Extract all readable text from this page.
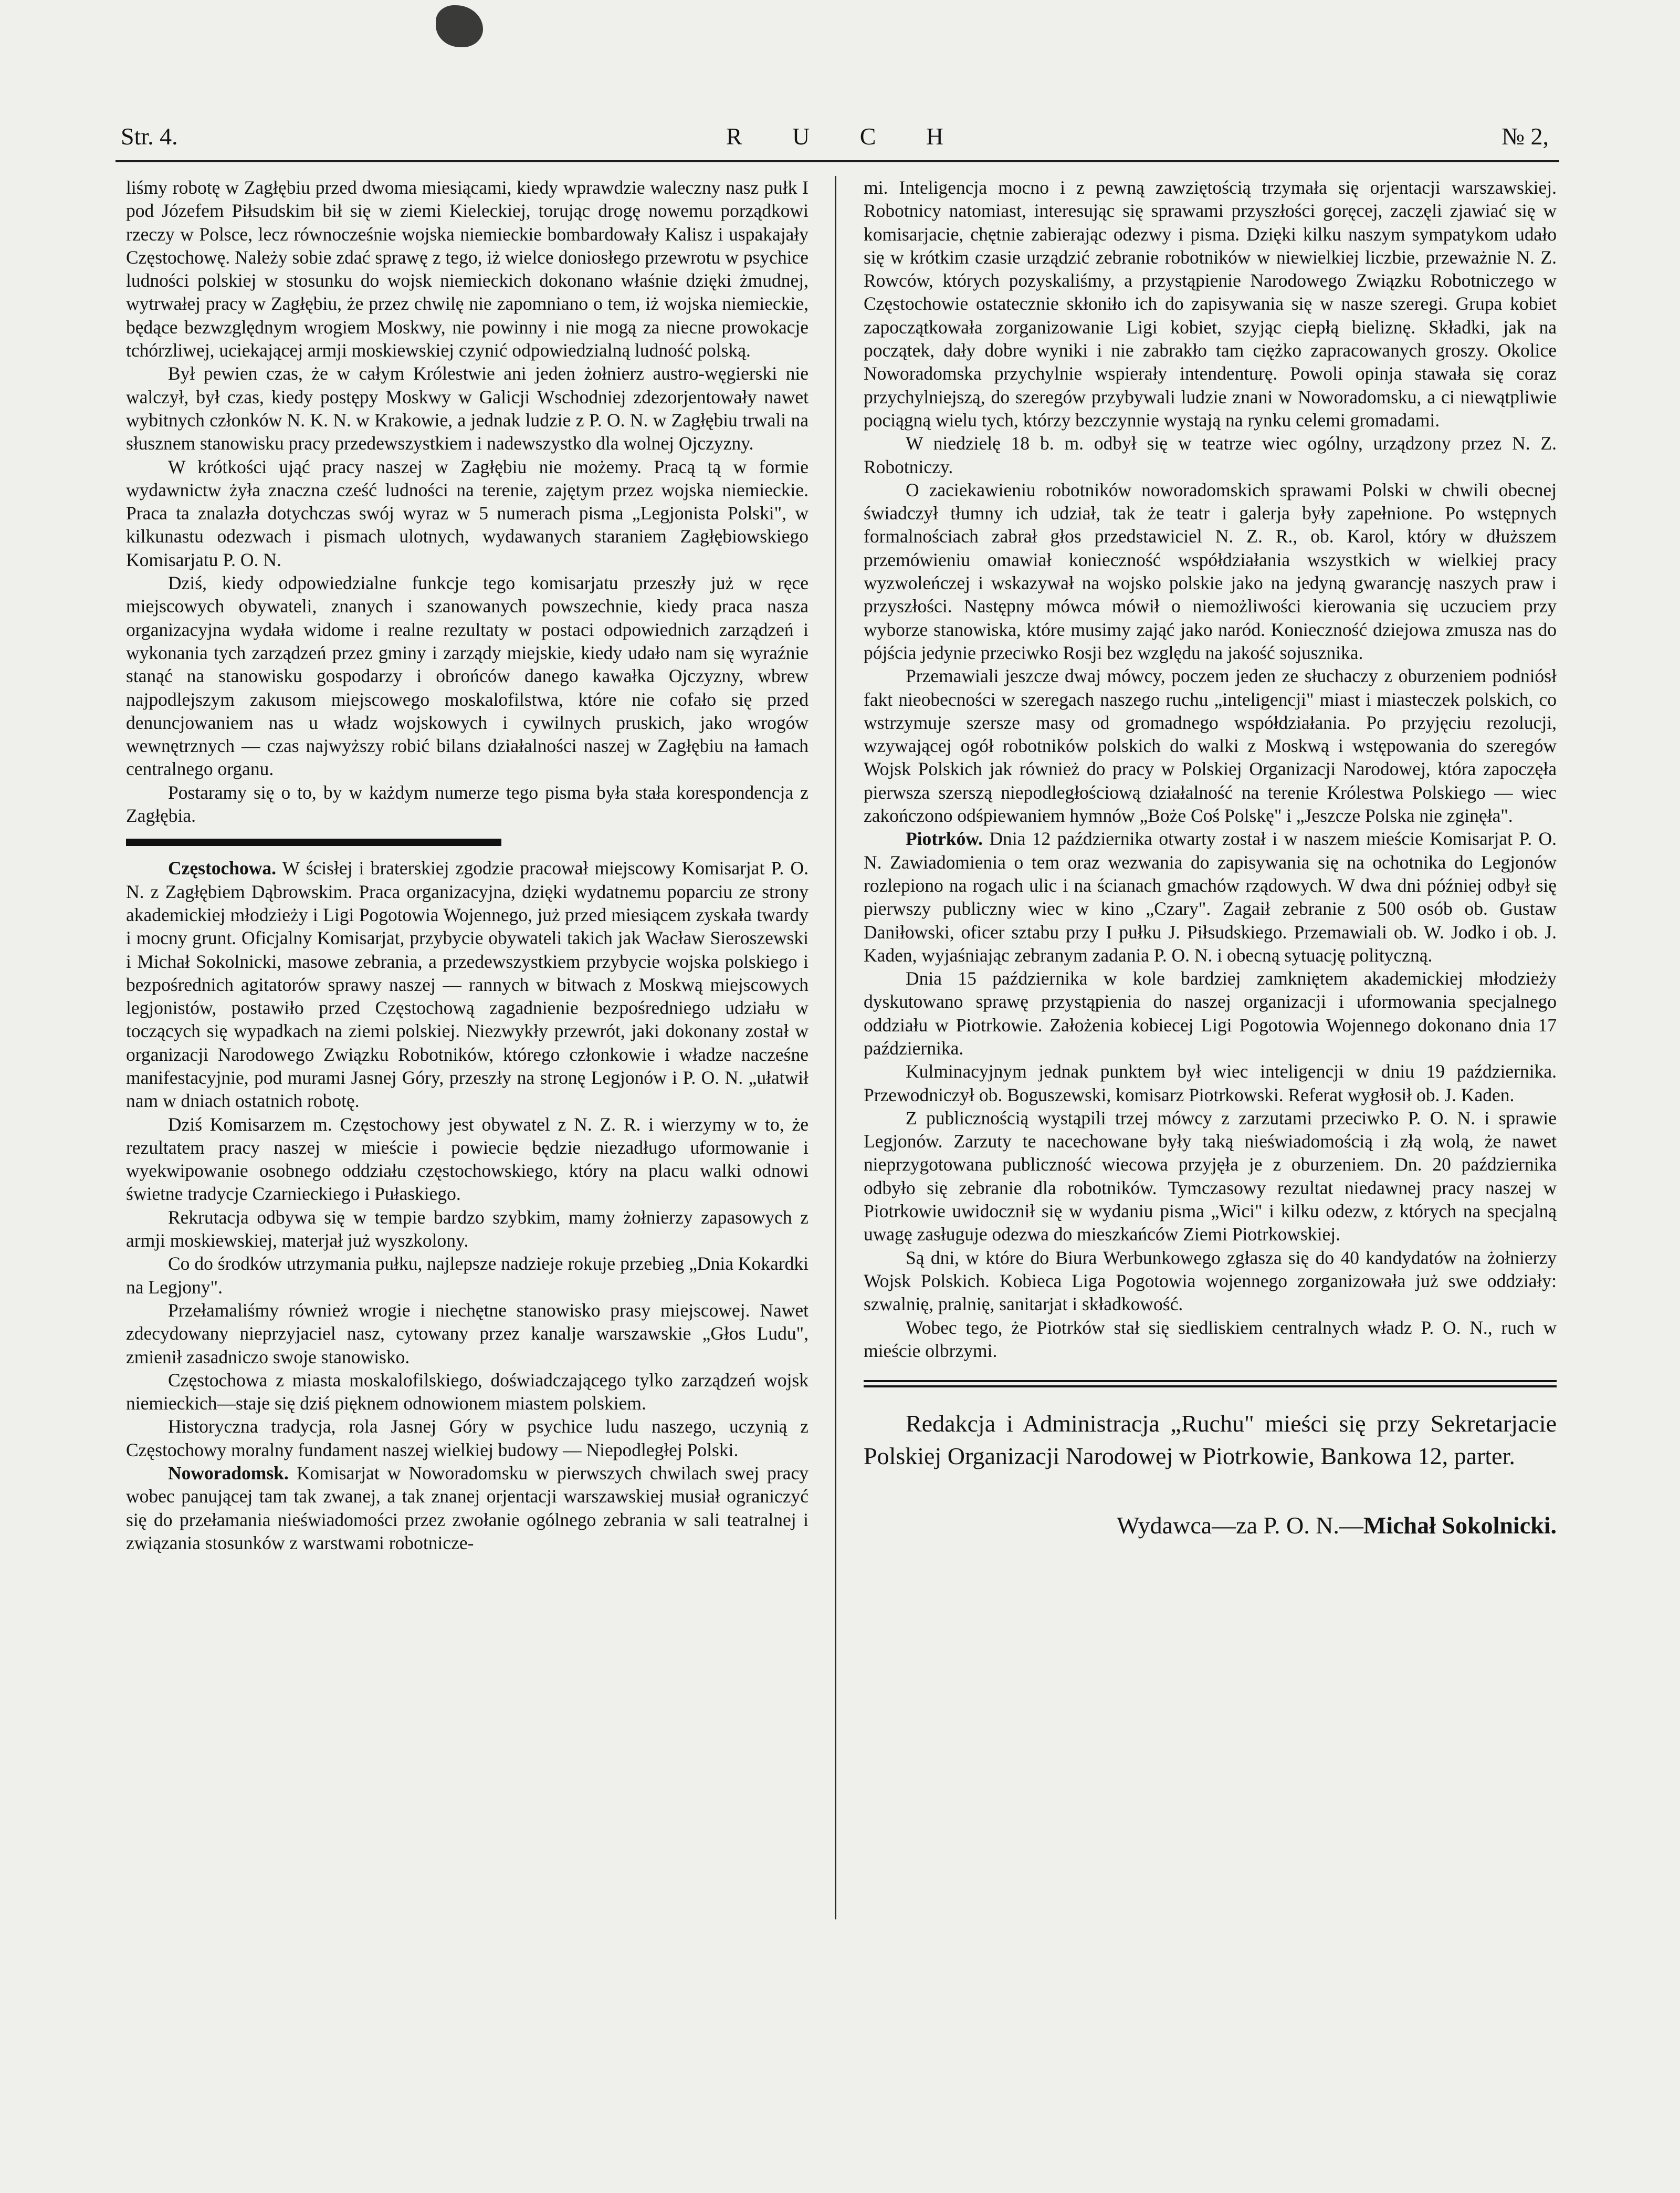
Str. 4.	R U C H	№ 2,

liśmy robotę w Zagłębiu przed dwoma miesiącami, kiedy wprawdzie waleczny nasz pułk I pod Józefem Piłsudskim bił się w ziemi Kieleckiej, torując drogę nowemu porządkowi rzeczy w Polsce, lecz równocześnie wojska niemieckie bombardowały Kalisz i uspakajały Częstochowę. Należy sobie zdać sprawę z tego, iż wielce doniosłego przewrotu w psychice ludności polskiej w stosunku do wojsk niemieckich dokonano właśnie dzięki żmudnej, wytrwałej pracy w Zagłębiu, że przez chwilę nie zapomniano o tem, iż wojska niemieckie, będące bezwzględnym wrogiem Moskwy, nie powinny i nie mogą za niecne prowokacje tchórzliwej, uciekającej armji moskiewskiej czynić odpowiedzialną ludność polską.

Był pewien czas, że w całym Królestwie ani jeden żołnierz austro-węgierski nie walczył, był czas, kiedy postępy Moskwy w Galicji Wschodniej zdezorjentowały nawet wybitnych członków N. K. N. w Krakowie, a jednak ludzie z P. O. N. w Zagłębiu trwali na słusznem stanowisku pracy przedewszystkiem i nadewszystko dla wolnej Ojczyzny.

W krótkości ująć pracy naszej w Zagłębiu nie możemy. Pracą tą w formie wydawnictw żyła znaczna cześć ludności na terenie, zajętym przez wojska niemieckie. Praca ta znalazła dotychczas swój wyraz w 5 numerach pisma „Legjonista Polski", w kilkunastu odezwach i pismach ulotnych, wydawanych staraniem Zagłębiowskiego Komisarjatu P. O. N.

Dziś, kiedy odpowiedzialne funkcje tego komisarjatu przeszły już w ręce miejscowych obywateli, znanych i szanowanych powszechnie, kiedy praca nasza organizacyjna wydała widome i realne rezultaty w postaci odpowiednich zarządzeń i wykonania tych zarządzeń przez gminy i zarządy miejskie, kiedy udało nam się wyraźnie stanąć na stanowisku gospodarzy i obrońców danego kawałka Ojczyzny, wbrew najpodlejszym zakusom miejscowego moskalofilstwa, które nie cofało się przed denuncjowaniem nas u władz wojskowych i cywilnych pruskich, jako wrogów wewnętrznych — czas najwyższy robić bilans działalności naszej w Zagłębiu na łamach centralnego organu.

Postaramy się o to, by w każdym numerze tego pisma była stała korespondencja z Zagłębia.

Częstochowa. W ścisłej i braterskiej zgodzie pracował miejscowy Komisarjat P. O. N. z Zagłębiem Dąbrowskim. Praca organizacyjna, dzięki wydatnemu poparciu ze strony akademickiej młodzieży i Ligi Pogotowia Wojennego, już przed miesiącem zyskała twardy i mocny grunt. Oficjalny Komisarjat, przybycie obywateli takich jak Wacław Sieroszewski i Michał Sokolnicki, masowe zebrania, a przedewszystkiem przybycie wojska polskiego i bezpośrednich agitatorów sprawy naszej — rannych w bitwach z Moskwą miejscowych legjonistów, postawiło przed Częstochową zagadnienie bezpośredniego udziału w toczących się wypadkach na ziemi polskiej. Niezwykły przewrót, jaki dokonany został w organizacji Narodowego Związku Robotników, którego członkowie i władze nacześne manifestacyjnie, pod murami Jasnej Góry, przeszły na stronę Legjonów i P. O. N. „ułatwił nam w dniach ostatnich robotę.

Dziś Komisarzem m. Częstochowy jest obywatel z N. Z. R. i wierzymy w to, że rezultatem pracy naszej w mieście i powiecie będzie niezadługo uformowanie i wyekwipowanie osobnego oddziału częstochowskiego, który na placu walki odnowi świetne tradycje Czarnieckiego i Pułaskiego.

Rekrutacja odbywa się w tempie bardzo szybkim, mamy żołnierzy zapasowych z armji moskiewskiej, materjał już wyszkolony.

Co do środków utrzymania pułku, najlepsze nadzieje rokuje przebieg „Dnia Kokardki na Legjony".

Przełamaliśmy również wrogie i niechętne stanowisko prasy miejscowej. Nawet zdecydowany nieprzyjaciel nasz, cytowany przez kanalje warszawskie „Głos Ludu", zmienił zasadniczo swoje stanowisko.

Częstochowa z miasta moskalofilskiego, doświadczającego tylko zarządzeń wojsk niemieckich—staje się dziś pięknem odnowionem miastem polskiem.

Historyczna tradycja, rola Jasnej Góry w psychice ludu naszego, uczynią z Częstochowy moralny fundament naszej wielkiej budowy — Niepodległej Polski.

Noworadomsk. Komisarjat w Noworadomsku w pierwszych chwilach swej pracy wobec panującej tam tak zwanej, a tak znanej orjentacji warszawskiej musiał ograniczyć się do przełamania nieświadomości przez zwołanie ogólnego zebrania w sali teatralnej i związania stosunków z warstwami robotnicze-

mi. Inteligencja mocno i z pewną zawziętością trzymała się orjentacji warszawskiej. Robotnicy natomiast, interesując się sprawami przyszłości goręcej, zaczęli zjawiać się w komisarjacie, chętnie zabierając odezwy i pisma. Dzięki kilku naszym sympatykom udało się w krótkim czasie urządzić zebranie robotników w niewielkiej liczbie, przeważnie N. Z. Rowców, których pozyskaliśmy, a przystąpienie Narodowego Związku Robotniczego w Częstochowie ostatecznie skłoniło ich do zapisywania się w nasze szeregi. Grupa kobiet zapoczątkowała zorganizowanie Ligi kobiet, szyjąc ciepłą bieliznę. Składki, jak na początek, dały dobre wyniki i nie zabrakło tam ciężko zapracowanych groszy. Okolice Noworadomska przychylnie wspierały intendenturę. Powoli opinja stawała się coraz przychylniejszą, do szeregów przybywali ludzie znani w Noworadomsku, a ci niewątpliwie pociągną wielu tych, którzy bezczynnie wystają na rynku celemi gromadami.

W niedzielę 18 b. m. odbył się w teatrze wiec ogólny, urządzony przez N. Z. Robotniczy.

O zaciekawieniu robotników noworadomskich sprawami Polski w chwili obecnej świadczył tłumny ich udział, tak że teatr i galerja były zapełnione. Po wstępnych formalnościach zabrał głos przedstawiciel N. Z. R., ob. Karol, który w dłuższem przemówieniu omawiał konieczność współdziałania wszystkich w wielkiej pracy wyzwoleńczej i wskazywał na wojsko polskie jako na jedyną gwarancję naszych praw i przyszłości. Następny mówca mówił o niemożliwości kierowania się uczuciem przy wyborze stanowiska, które musimy zająć jako naród. Konieczność dziejowa zmusza nas do pójścia jedynie przeciwko Rosji bez względu na jakość sojusznika.

Przemawiali jeszcze dwaj mówcy, poczem jeden ze słuchaczy z oburzeniem podniósł fakt nieobecności w szeregach naszego ruchu „inteligencji" miast i miasteczek polskich, co wstrzymuje szersze masy od gromadnego współdziałania. Po przyjęciu rezolucji, wzywającej ogół robotników polskich do walki z Moskwą i wstępowania do szeregów Wojsk Polskich jak również do pracy w Polskiej Organizacji Narodowej, która zapoczęła pierwsza szerszą niepodległościową działalność na terenie Królestwa Polskiego — wiec zakończono odśpiewaniem hymnów „Boże Coś Polskę" i „Jeszcze Polska nie zginęła".

Piotrków. Dnia 12 października otwarty został i w naszem mieście Komisarjat P. O. N. Zawiadomienia o tem oraz wezwania do zapisywania się na ochotnika do Legjonów rozlepiono na rogach ulic i na ścianach gmachów rządowych. W dwa dni później odbył się pierwszy publiczny wiec w kino „Czary". Zagaił zebranie z 500 osób ob. Gustaw Daniłowski, oficer sztabu przy I pułku J. Piłsudskiego. Przemawiali ob. W. Jodko i ob. J. Kaden, wyjaśniając zebranym zadania P. O. N. i obecną sytuację polityczną.

Dnia 15 października w kole bardziej zamkniętem akademickiej młodzieży dyskutowano sprawę przystąpienia do naszej organizacji i uformowania specjalnego oddziału w Piotrkowie. Założenia kobiecej Ligi Pogotowia Wojennego dokonano dnia 17 października.

Kulminacyjnym jednak punktem był wiec inteligencji w dniu 19 października. Przewodniczył ob. Boguszewski, komisarz Piotrkowski. Referat wygłosił ob. J. Kaden.

Z publicznością wystąpili trzej mówcy z zarzutami przeciwko P. O. N. i sprawie Legjonów. Zarzuty te nacechowane były taką nieświadomością i złą wolą, że nawet nieprzygotowana publiczność wiecowa przyjęła je z oburzeniem. Dn. 20 października odbyło się zebranie dla robotników. Tymczasowy rezultat niedawnej pracy naszej w Piotrkowie uwidocznił się w wydaniu pisma „Wici" i kilku odezw, z których na specjalną uwagę zasługuje odezwa do mieszkańców Ziemi Piotrkowskiej.

Są dni, w które do Biura Werbunkowego zgłasza się do 40 kandydatów na żołnierzy Wojsk Polskich. Kobieca Liga Pogotowia wojennego zorganizowała już swe oddziały: szwalnię, pralnię, sanitarjat i składkowość.

Wobec tego, że Piotrków stał się siedliskiem centralnych władz P. O. N., ruch w mieście olbrzymi.

Redakcja i Administracja „Ruchu" mieści się przy Sekretarjacie Polskiej Organizacji Narodowej w Piotrkowie, Bankowa 12, parter.

Wydawca—za P. O. N.—Michał Sokolnicki.
